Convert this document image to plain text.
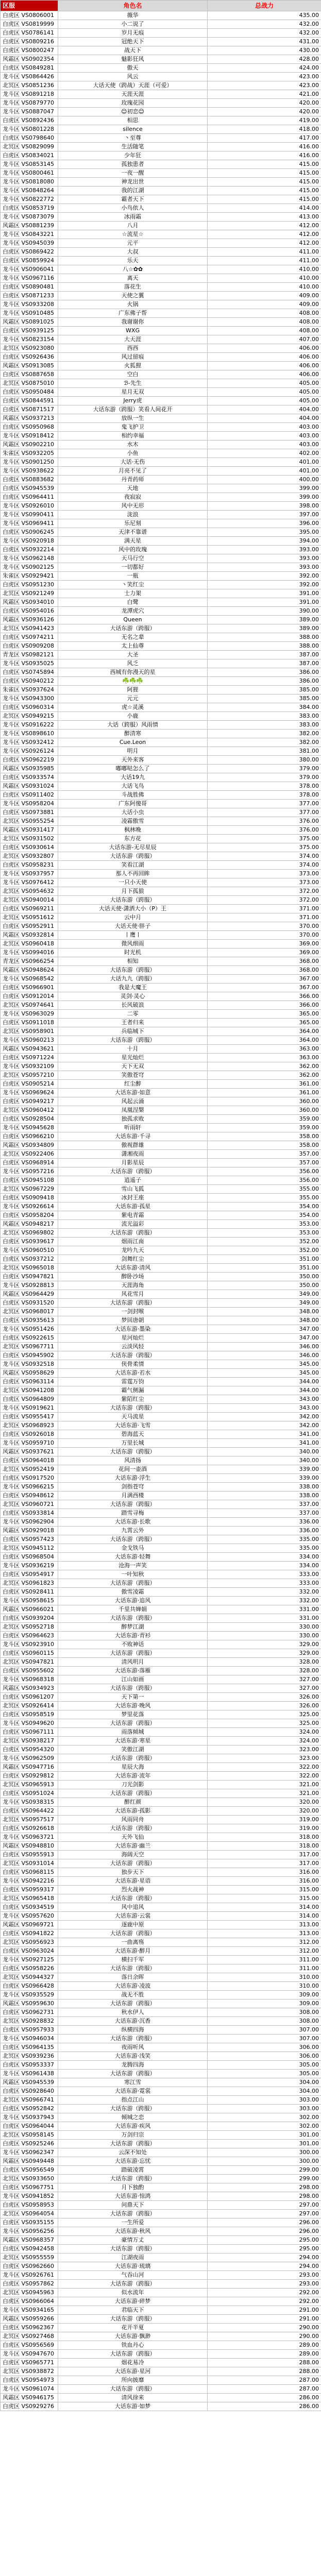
区服	角色名	总战力
白虎区 VS0806001	薇华	435.00
白虎区 VS0819999	小二说了	432.00
白虎区 VS0786141	岁月无痕	432.00
白虎区 VS0809216	冠绝天下	431.00
白虎区 VS0800247	战天下	430.00
风霜区 VS0902354	魅影狂风	428.00
白虎区 VS0849281	傲天	424.00
龙斗区 VS0864426	风云	423.00
北冥区 VS0851236	大话天使（跨战）天涯（可爱）	423.00
龙斗区 VS0891218	天涯天涯	421.00
龙斗区 VS0879770	玫瑰花园	420.00
龙斗区 VS0887047	😊初恋😊	420.00
白虎区 VS0892436	相思	419.00
龙斗区 VS0801228	silence	418.00
白虎区 VS0798640	丶至尊	417.00
北冥区 VS0829099	生活随笔	416.00
白虎区 VS0834021	少年狂	416.00
龙斗区 VS0853145	孤独患者	415.00
龙斗区 VS0800461	一夜一醒	415.00
龙斗区 VS0818080	神龙出世	415.00
龙斗区 VS0848264	我的江湖	415.00
龙斗区 VS0822772	霸者天下	415.00
白虎区 VS0853719	小鸟依人	414.00
龙斗区 VS0873079	冰雨霜	413.00
风霜区 VS0881239	八月	412.00
龙斗区 VS0843221	☆流星☆	412.00
龙斗区 VS0945039	元平	412.00
白虎区 VS0869422	大叔	411.00
白虎区 VS0859924	乐天	411.00
龙斗区 VS0906041	八☆✿✿	410.00
龙斗区 VS0967116	离天	410.00
白虎区 VS0890481	落花生	410.00
白虎区 VS0871233	天使之翼	409.00
龙斗区 VS0933208	火锅	409.00
龙斗区 VS0910485	广东佛子帮	408.00
风霜区 VS0891025	我谢谢你	408.00
白虎区 VS0939125	WXG	408.00
龙斗区 VS0823154	大天涯	407.00
北冥区 VS0923080	西西	406.00
白虎区 VS0926436	风过留痕	406.00
风霜区 VS0913085	火狐狸	406.00
白虎区 VS0887658	空白	406.00
北冥区 VS0875010	ℬ-先生	405.00
白虎区 VS0950484	星月无双	405.00
白虎区 VS0844591	Jerry虎	405.00
白虎区 VS0871517	大话东游（跨服）笑看人间花开	404.00
风霜区 VS0937213	放纵一生	404.00
白虎区 VS0950968	鬼飞护卫	403.00
龙斗区 VS0918412	相约幸福	403.00
风霜区 VS0902210	水木	403.00
朱雀区 VS0932205	小鱼	402.00
龙斗区 VS0901250	大话·无伤	401.00
龙斗区 VS0938622	月亮不见了	401.00
白虎区 VS0883682	丹青药师	400.00
白虎区 VS0945539	天地	399.00
白虎区 VS0964411	夜寂寂	399.00
龙斗区 VS0926010	风中无形	398.00
龙斗区 VS0990411	泷浪	397.00
龙斗区 VS0969411	乐尼刻	396.00
白虎区 VS0906245	天津不靠谱	395.00
龙斗区 VS0920918	满天星	394.00
白虎区 VS0932214	风中的玫瑰	393.00
龙斗区 VS0962148	天马行空	393.00
龙斗区 VS0902125	一切都好	393.00
朱雀区 VS0929421	一瓶	392.00
白虎区 VS0951230	丶笑红尘	392.00
北冥区 VS0921249	士力架	391.00
风霜区 VS0934010	白鹭	391.00
白虎区 VS0954016	龙潭虎穴	390.00
风霜区 VS0936126	Queen	389.00
北冥区 VS0941423	大话东游（跨服）	389.00
白虎区 VS0974211	无名之辈	388.00
白虎区 VS0909208	太上仙尊	388.00
青龙区 VS0982121	大圣	387.00
龙斗区 VS0935025	风乏	387.00
白虎区 VS0745894	西城有你漫天的星	386.00
白虎区 VS0940212	☘️☘️☘️	386.00
朱雀区 VS0937624	阿狸	385.00
龙斗区 VS0943300	元元	385.00
白虎区 VS0960314	虎☆灵溪	384.00
北冥区 VS0949215	小鹿	383.00
龙斗区 VS0916222	大话（跨服）风雨情	383.00
龙斗区 VS0898610	醉清寒	382.00
龙斗区 VS0932412	Cue.Leon	382.00
龙斗区 VS0926124	明月	381.00
白虎区 VS0962219	天外来客	380.00
风霜区 VS0935985	嘟嘟哒怎么了	379.00
白虎区 VS0933574	大话19九	379.00
风霜区 VS0931024	大话飞鸟	378.00
白虎区 VS0911402	斗战胜佛	378.00
龙斗区 VS0958204	广东阿傻哥	377.00
白虎区 VS0973881	大话小虫	377.00
北冥区 VS0955254	凌霜傲雪	376.00
风霜区 VS0931417	枫林晚	376.00
北冥区 VS0931502	东方花	375.00
白虎区 VS0930614	大话东游-无尽星辰	375.00
北冥区 VS0932807	大话东游（跨服）	374.00
白虎区 VS0958231	笑看江湖	374.00
龙斗区 VS0937957	那人不再回眸	373.00
龙斗区 VS0976412	一只小天使	373.00
北冥区 VS0954632	月下孤狼	372.00
北冥区 VS0940014	大话东游（跨服）	372.00
白虎区 VS0969211	大话天使·潇洒大小（P）王	371.00
北冥区 VS0951612	云中月	371.00
白虎区 VS0952911	大话天使·胖子	370.00
风霜区 VS0932814	丨鹰丨	370.00
北冥区 VS0960418	微风细雨	369.00
龙斗区 VS0994016	时光机	369.00
青龙区 VS0966254	相知	368.00
风霜区 VS0948624	大话东游（跨服）	368.00
龙斗区 VS0968542	大话九九（跨服）	367.00
白虎区 VS0966901	我是大魔王	367.00
白虎区 VS0912014	灵剑·灵心	366.00
北冥区 VS0974641	长风破浪	366.00
龙斗区 VS0963029	二零	365.00
白虎区 VS0911018	王者归来	365.00
北冥区 VS0958901	兵临城下	364.00
龙斗区 VS0960213	大话东游（跨服）	364.00
风霜区 VS0943621	十月	363.00
白虎区 VS0971224	星光灿烂	363.00
龙斗区 VS0932109	天下无双	362.00
北冥区 VS0957210	笑傲苍穹	362.00
白虎区 VS0905214	红尘醉	361.00
龙斗区 VS0969624	大话东游·如意	361.00
白虎区 VS0949217	风起云涌	360.00
北冥区 VS0960412	凤凰涅槃	360.00
白虎区 VS0928504	独孤求败	359.00
龙斗区 VS0945628	听雨轩	359.00
白虎区 VS0966210	大话东游·千寻	358.00
风霜区 VS0934809	傲视群雄	358.00
北冥区 VS0922406	潇湘夜雨	357.00
白虎区 VS0968914	月影星辰	357.00
龙斗区 VS0957216	大话东游（跨服）	356.00
白虎区 VS0945108	逍遥子	356.00
北冥区 VS0967229	雪山飞狐	355.00
白虎区 VS0909418	冰封王座	355.00
龙斗区 VS0926614	大话东游·孤星	354.00
白虎区 VS0958204	紫电青霜	354.00
风霜区 VS0948217	流光溢彩	353.00
北冥区 VS0969802	大话东游（跨服）	353.00
白虎区 VS0939617	烟雨江南	352.00
龙斗区 VS0960510	龙吟九天	352.00
白虎区 VS0937212	剑舞红尘	351.00
北冥区 VS0965018	大话东游·清风	351.00
白虎区 VS0947821	醉卧沙场	350.00
龙斗区 VS0928813	天涯海角	350.00
风霜区 VS0964429	风花雪月	349.00
白虎区 VS0931520	大话东游（跨服）	349.00
北冥区 VS0968017	一剑封喉	348.00
白虎区 VS0935613	梦回唐朝	348.00
龙斗区 VS0951426	大话东游·墨染	347.00
白虎区 VS0922615	星河灿烂	347.00
北冥区 VS0967711	云淡风轻	346.00
白虎区 VS0945902	大话东游（跨服）	346.00
龙斗区 VS0932518	侠骨柔情	345.00
风霜区 VS0958629	大话东游·若水	345.00
白虎区 VS0963114	雷霆万钧	344.00
北冥区 VS0941208	霸气侧漏	344.00
白虎区 VS0964809	紫陌红尘	343.00
龙斗区 VS0919621	大话东游（跨服）	343.00
白虎区 VS0955417	天马流星	342.00
北冥区 VS0968923	大话东游·飞雪	342.00
白虎区 VS0926018	碧海蓝天	341.00
龙斗区 VS0959710	万里长城	341.00
风霜区 VS0937621	大话东游（跨服）	340.00
白虎区 VS0964018	风清扬	340.00
北冥区 VS0952419	花间一壶酒	339.00
白虎区 VS0917520	大话东游·浮生	339.00
龙斗区 VS0966215	剑指苍穹	338.00
白虎区 VS0948612	月满西楼	338.00
北冥区 VS0960721	大话东游（跨服）	337.00
白虎区 VS0933814	踏雪寻梅	337.00
龙斗区 VS0962904	大话东游·长歌	336.00
风霜区 VS0929018	九霄云外	336.00
白虎区 VS0957423	大话东游（跨服）	335.00
北冥区 VS0945112	金戈铁马	335.00
白虎区 VS0968504	大话东游·轻舞	334.00
龙斗区 VS0936219	沧海一声笑	334.00
白虎区 VS0954917	一叶知秋	333.00
北冥区 VS0961823	大话东游（跨服）	333.00
白虎区 VS0928411	傲雪凌霜	332.00
龙斗区 VS0958615	大话东游·追风	332.00
风霜区 VS0966021	千里共婵娟	331.00
白虎区 VS0939204	大话东游（跨服）	331.00
北冥区 VS0952718	醉梦江湖	330.00
白虎区 VS0964623	大话东游·青衫	330.00
龙斗区 VS0923910	不败神话	329.00
白虎区 VS0960115	大话东游（跨服）	329.00
北冥区 VS0947821	清风明月	328.00
白虎区 VS0955602	大话东游·落雁	328.00
龙斗区 VS0968318	江山如画	327.00
风霜区 VS0934923	大话东游（跨服）	327.00
白虎区 VS0961207	天下第一	326.00
北冥区 VS0926414	大话东游·晚风	326.00
白虎区 VS0958519	梦里花落	325.00
龙斗区 VS0949620	大话东游（跨服）	325.00
白虎区 VS0967111	雨落倾城	324.00
北冥区 VS0938217	大话东游·寒星	324.00
白虎区 VS0954320	笑傲江湖	323.00
龙斗区 VS0962509	大话东游（跨服）	323.00
风霜区 VS0947716	星辰大海	322.00
白虎区 VS0929812	大话东游·流年	322.00
北冥区 VS0965913	刀光剑影	321.00
白虎区 VS0951024	大话东游（跨服）	321.00
龙斗区 VS0938315	醉红颜	320.00
白虎区 VS0964422	大话东游·孤影	320.00
北冥区 VS0957517	风雨同舟	319.00
白虎区 VS0926618	大话东游（跨服）	319.00
龙斗区 VS0963721	天外飞仙	318.00
风霜区 VS0948810	大话东游·幽兰	318.00
白虎区 VS0955913	海阔天空	317.00
北冥区 VS0931014	大话东游（跨服）	317.00
白虎区 VS0968115	独步天下	316.00
龙斗区 VS0942216	大话东游·星语	316.00
白虎区 VS0959317	烈火战神	315.00
北冥区 VS0965418	大话东游（跨服）	315.00
白虎区 VS0934519	风中追风	314.00
龙斗区 VS0957620	大话东游·云裳	314.00
风霜区 VS0969721	逐鹿中原	313.00
白虎区 VS0941822	大话东游（跨服）	313.00
北冥区 VS0956923	一曲离殇	312.00
白虎区 VS0963024	大话东游·醉月	312.00
龙斗区 VS0927125	横扫千军	311.00
白虎区 VS0958226	大话东游（跨服）	311.00
北冥区 VS0944327	落日余晖	310.00
白虎区 VS0966428	大话东游·凌波	310.00
龙斗区 VS0935529	战无不胜	309.00
风霜区 VS0959630	大话东游（跨服）	309.00
白虎区 VS0962731	秋水伊人	308.00
北冥区 VS0928832	大话东游·沉香	308.00
白虎区 VS0957933	纵横四海	307.00
龙斗区 VS0946034	大话东游（跨服）	307.00
白虎区 VS0964135	夜雨听风	306.00
北冥区 VS0939236	大话东游·浅笑	306.00
白虎区 VS0953337	龙腾四海	305.00
龙斗区 VS0961438	大话东游（跨服）	305.00
风霜区 VS0945539	寒江雪	304.00
白虎区 VS0928640	大话东游·霓裳	304.00
北冥区 VS0966741	指点江山	303.00
白虎区 VS0952842	大话东游（跨服）	303.00
龙斗区 VS0937943	倾城之恋	302.00
白虎区 VS0964044	大话东游·疾风	302.00
北冥区 VS0958145	万剑归宗	301.00
白虎区 VS0925246	大话东游（跨服）	301.00
龙斗区 VS0962347	云深不知处	300.00
风霜区 VS0949448	大话东游·忘忧	300.00
白虎区 VS0956549	踏破凌霄	299.00
北冥区 VS0933650	大话东游（跨服）	299.00
白虎区 VS0967751	月下独酌	298.00
龙斗区 VS0941852	大话东游·惊鸿	298.00
白虎区 VS0958953	问鼎天下	297.00
北冥区 VS0964054	大话东游（跨服）	297.00
白虎区 VS0935155	一生所爱	296.00
龙斗区 VS0956256	大话东游·秋风	296.00
风霜区 VS0968357	豪情万丈	295.00
白虎区 VS0942458	大话东游（跨服）	295.00
北冥区 VS0955559	江湖夜雨	294.00
白虎区 VS0962660	大话东游·琉璃	294.00
龙斗区 VS0926761	气吞山河	293.00
白虎区 VS0957862	大话东游（跨服）	293.00
北冥区 VS0945963	似水流年	292.00
白虎区 VS0966064	大话东游·碎梦	292.00
龙斗区 VS0934165	君临天下	291.00
风霜区 VS0959266	大话东游（跨服）	291.00
白虎区 VS0962367	花开半夏	290.00
北冥区 VS0927468	大话东游·飘渺	290.00
白虎区 VS0956569	铁血丹心	289.00
龙斗区 VS0947670	大话东游（跨服）	289.00
白虎区 VS0965771	烟花易冷	288.00
北冥区 VS0938872	大话东游·星河	288.00
白虎区 VS0954973	所向披靡	287.00
龙斗区 VS0961074	大话东游（跨服）	287.00
风霜区 VS0946175	清风徐来	286.00
白虎区 VS0929276	大话东游·如梦	286.00
